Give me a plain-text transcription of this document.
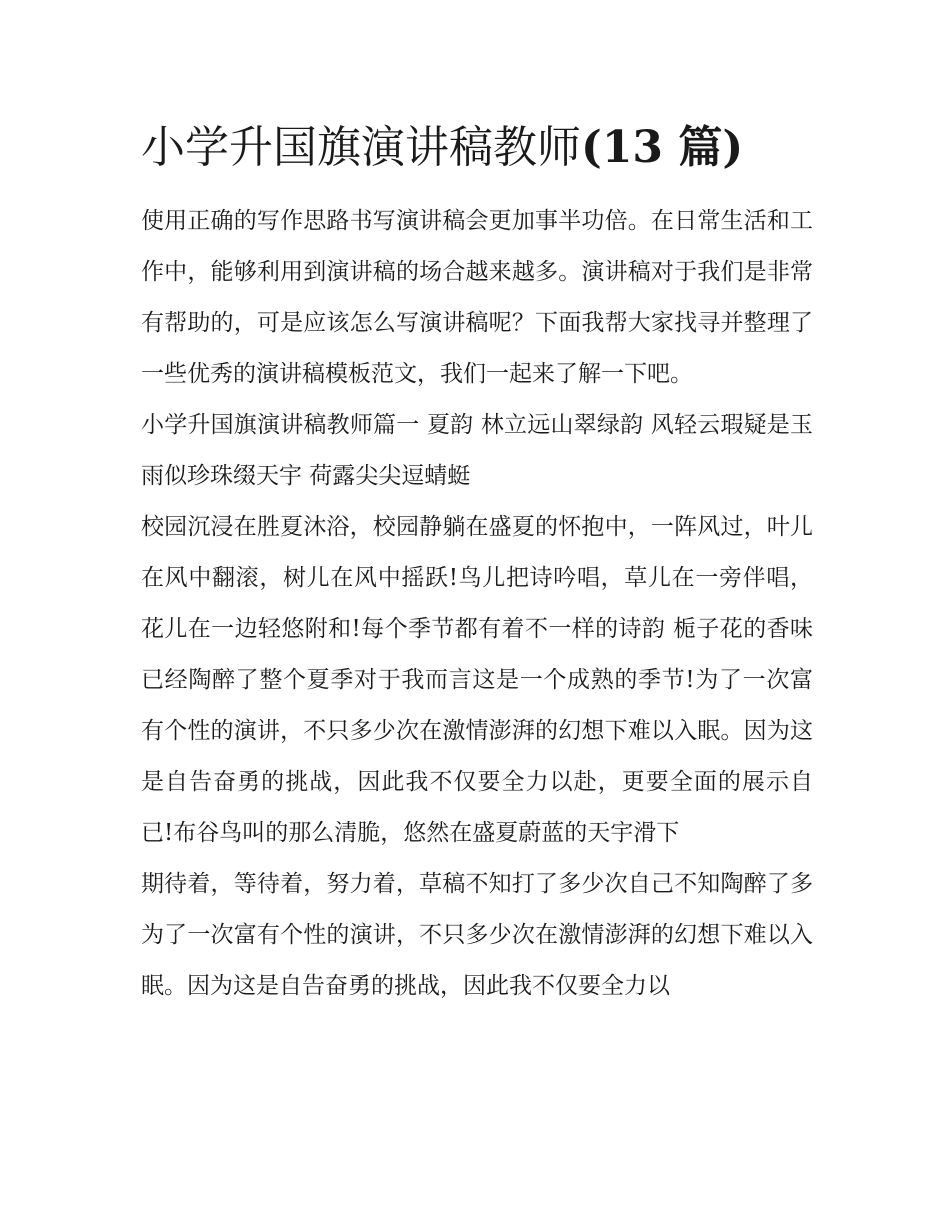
小学升国旗演讲稿教师(13 篇)

使用正确的写作思路书写演讲稿会更加事半功倍。在日常生活和工作中，能够利用到演讲稿的场合越来越多。演讲稿对于我们是非常有帮助的，可是应该怎么写演讲稿呢？下面我帮大家找寻并整理了一些优秀的演讲稿模板范文，我们一起来了解一下吧。

小学升国旗演讲稿教师篇一 夏韵 林立远山翠绿韵 风轻云瑕疑是玉 雨似珍珠缀天宇 荷露尖尖逗蜻蜓

校园沉浸在胜夏沐浴，校园静躺在盛夏的怀抱中，一阵风过，叶儿在风中翻滚，树儿在风中摇跃!鸟儿把诗吟唱，草儿在一旁伴唱，花儿在一边轻悠附和!每个季节都有着不一样的诗韵 栀子花的香味已经陶醉了整个夏季对于我而言这是一个成熟的季节!为了一次富有个性的演讲，不只多少次在激情澎湃的幻想下难以入眠。因为这是自告奋勇的挑战，因此我不仅要全力以赴，更要全面的展示自已!布谷鸟叫的那么清脆，悠然在盛夏蔚蓝的天宇滑下

期待着，等待着，努力着，草稿不知打了多少次自己不知陶醉了多为了一次富有个性的演讲，不只多少次在激情澎湃的幻想下难以入眠。因为这是自告奋勇的挑战，因此我不仅要全力以
